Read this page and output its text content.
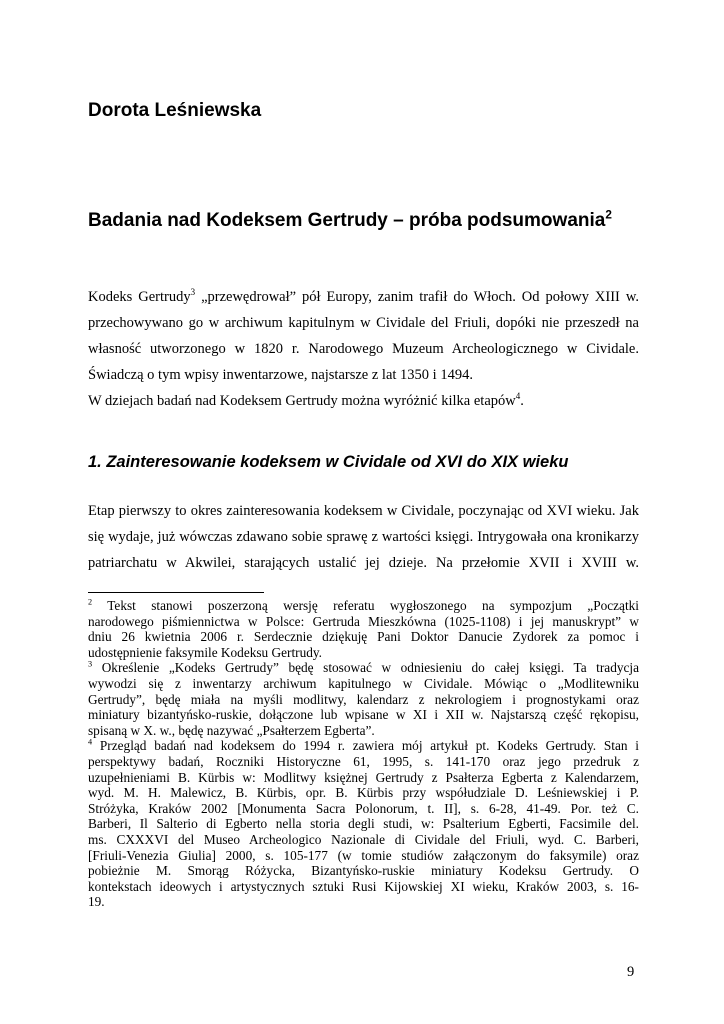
Dorota Leśniewska
Badania nad Kodeksem Gertrudy – próba podsumowania$^2$

Kodeks Gertrudy$^3$ „przewędrował” pół Europy, zanim trafił do Włoch. Od połowy XIII w.
przechowywano go w archiwum kapitulnym w Cividale del Friuli, dopóki nie przeszedł na
własność utworzonego w 1820 r. Narodowego Muzeum Archeologicznego w Cividale.
Świadczą o tym wpisy inwentarzowe, najstarsze z lat 1350 i 1494.

W dziejach badań nad Kodeksem Gertrudy można wyróżnić kilka etapów$^4$.

1. Zainteresowanie kodeksem w Cividale od XVI do XIX wieku

Etap pierwszy to okres zainteresowania kodeksem w Cividale, poczynając od XVI wieku. Jak
się wydaje, już wówczas zdawano sobie sprawę z wartości księgi. Intrygowała ona kronikarzy
patriarchatu w Akwilei, starających ustalić jej dzieje. Na przełomie XVII i XVIII w.

$^2$ Tekst stanowi poszerzoną wersję referatu wygłoszonego na sympozjum „Początki
narodowego piśmiennictwa w Polsce: Gertruda Mieszkówna (1025-1108) i jej manuskrypt” w
dniu 26 kwietnia 2006 r. Serdecznie dziękuję Pani Doktor Danucie Zydorek za pomoc i
udostępnienie faksymile Kodeksu Gertrudy.

$^3$ Określenie „Kodeks Gertrudy” będę stosować w odniesieniu do całej księgi. Ta tradycja
wywodzi się z inwentarzy archiwum kapitulnego w Cividale. Mówiąc o „Modlitewniku
Gertrudy”, będę miała na myśli modlitwy, kalendarz z nekrologiem i prognostykami oraz
miniatury bizantyńsko-ruskie, dołączone lub wpisane w XI i XII w. Najstarszą część rękopisu,
spisaną w X. w., będę nazywać „Psałterzem Egberta”.

$^4$ Przegląd badań nad kodeksem do 1994 r. zawiera mój artykuł pt. Kodeks Gertrudy. Stan i
perspektywy badań, Roczniki Historyczne 61, 1995, s. 141-170 oraz jego przedruk z
uzupełnieniami B. Kürbis w: Modlitwy księżnej Gertrudy z Psałterza Egberta z Kalendarzem,
wyd. M. H. Malewicz, B. Kürbis, opr. B. Kürbis przy współudziale D. Leśniewskiej i P.
Stróżyka, Kraków 2002 [Monumenta Sacra Polonorum, t. II], s. 6-28, 41-49. Por. też C.
Barberi, Il Salterio di Egberto nella storia degli studi, w: Psalterium Egberti, Facsimile del.
ms. CXXXVI del Museo Archeologico Nazionale di Cividale del Friuli, wyd. C. Barberi,
[Friuli-Venezia Giulia] 2000, s. 105-177 (w tomie studiów załączonym do faksymile) oraz
pobieżnie M. Smorąg Różycka, Bizantyńsko-ruskie miniatury Kodeksu Gertrudy. O
kontekstach ideowych i artystycznych sztuki Rusi Kijowskiej XI wieku, Kraków 2003, s. 16-
19.

9
